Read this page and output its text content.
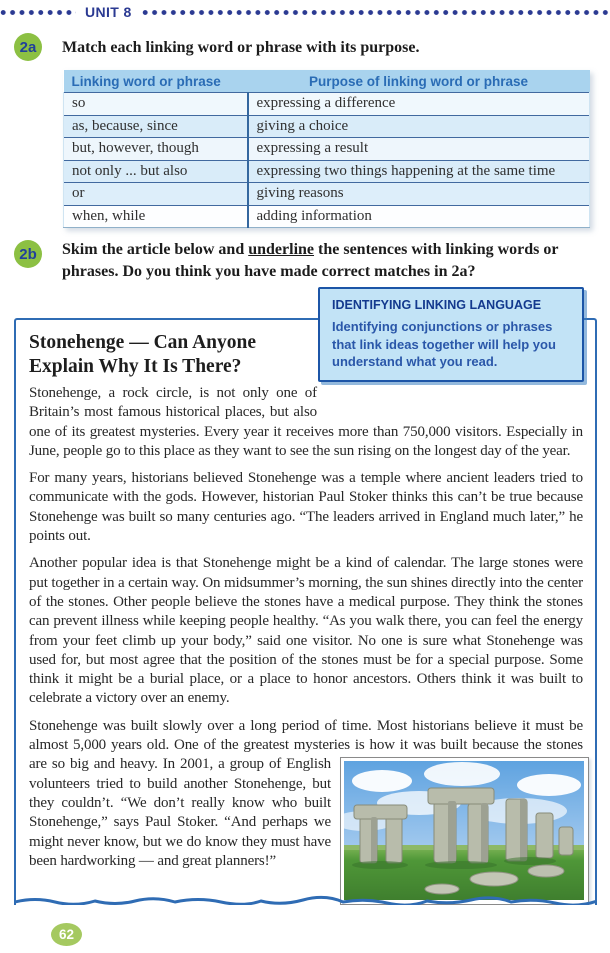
UNIT 8
2a	Match each linking word or phrase with its purpose.
Linking word or phrase	Purpose of linking word or phrase
so	expressing a difference
as, because, since	giving a choice
but, however, though	expressing a result
not only ... but also	expressing two things happening at the same time
or	giving reasons
when, while	adding information
2b	Skim the article below and underline the sentences with linking words or phrases. Do you think you have made correct matches in 2a?
IDENTIFYING LINKING LANGUAGE
Identifying conjunctions or phrases that link ideas together will help you understand what you read.
Stonehenge — Can Anyone Explain Why It Is There?

Stonehenge, a rock circle, is not only one of Britain’s most famous historical places, but also one of its greatest mysteries. Every year it receives more than 750,000 visitors. Especially in June, people go to this place as they want to see the sun rising on the longest day of the year.

For many years, historians believed Stonehenge was a temple where ancient leaders tried to communicate with the gods. However, historian Paul Stoker thinks this can’t be true because Stonehenge was built so many centuries ago. “The leaders arrived in England much later,” he points out.

Another popular idea is that Stonehenge might be a kind of calendar. The large stones were put together in a certain way. On midsummer’s morning, the sun shines directly into the center of the stones. Other people believe the stones have a medical purpose. They think the stones can prevent illness while keeping people healthy. “As you walk there, you can feel the energy from your feet climb up your body,” said one visitor. No one is sure what Stonehenge was used for, but most agree that the position of the stones must be for a special purpose. Some think it might be a burial place, or a place to honor ancestors. Others think it was built to celebrate a victory over an enemy.

Stonehenge was built slowly over a long period of time. Most historians believe it must be almost 5,000 years old. One of the greatest mysteries is how it was built
because the stones are so big and heavy. In 2001, a group of English volunteers tried to build another Stonehenge, but they couldn’t. “We don’t really know who built Stonehenge,” says Paul Stoker. “And perhaps we might never know, but we do know they must have been hardworking — and great planners!”

62
